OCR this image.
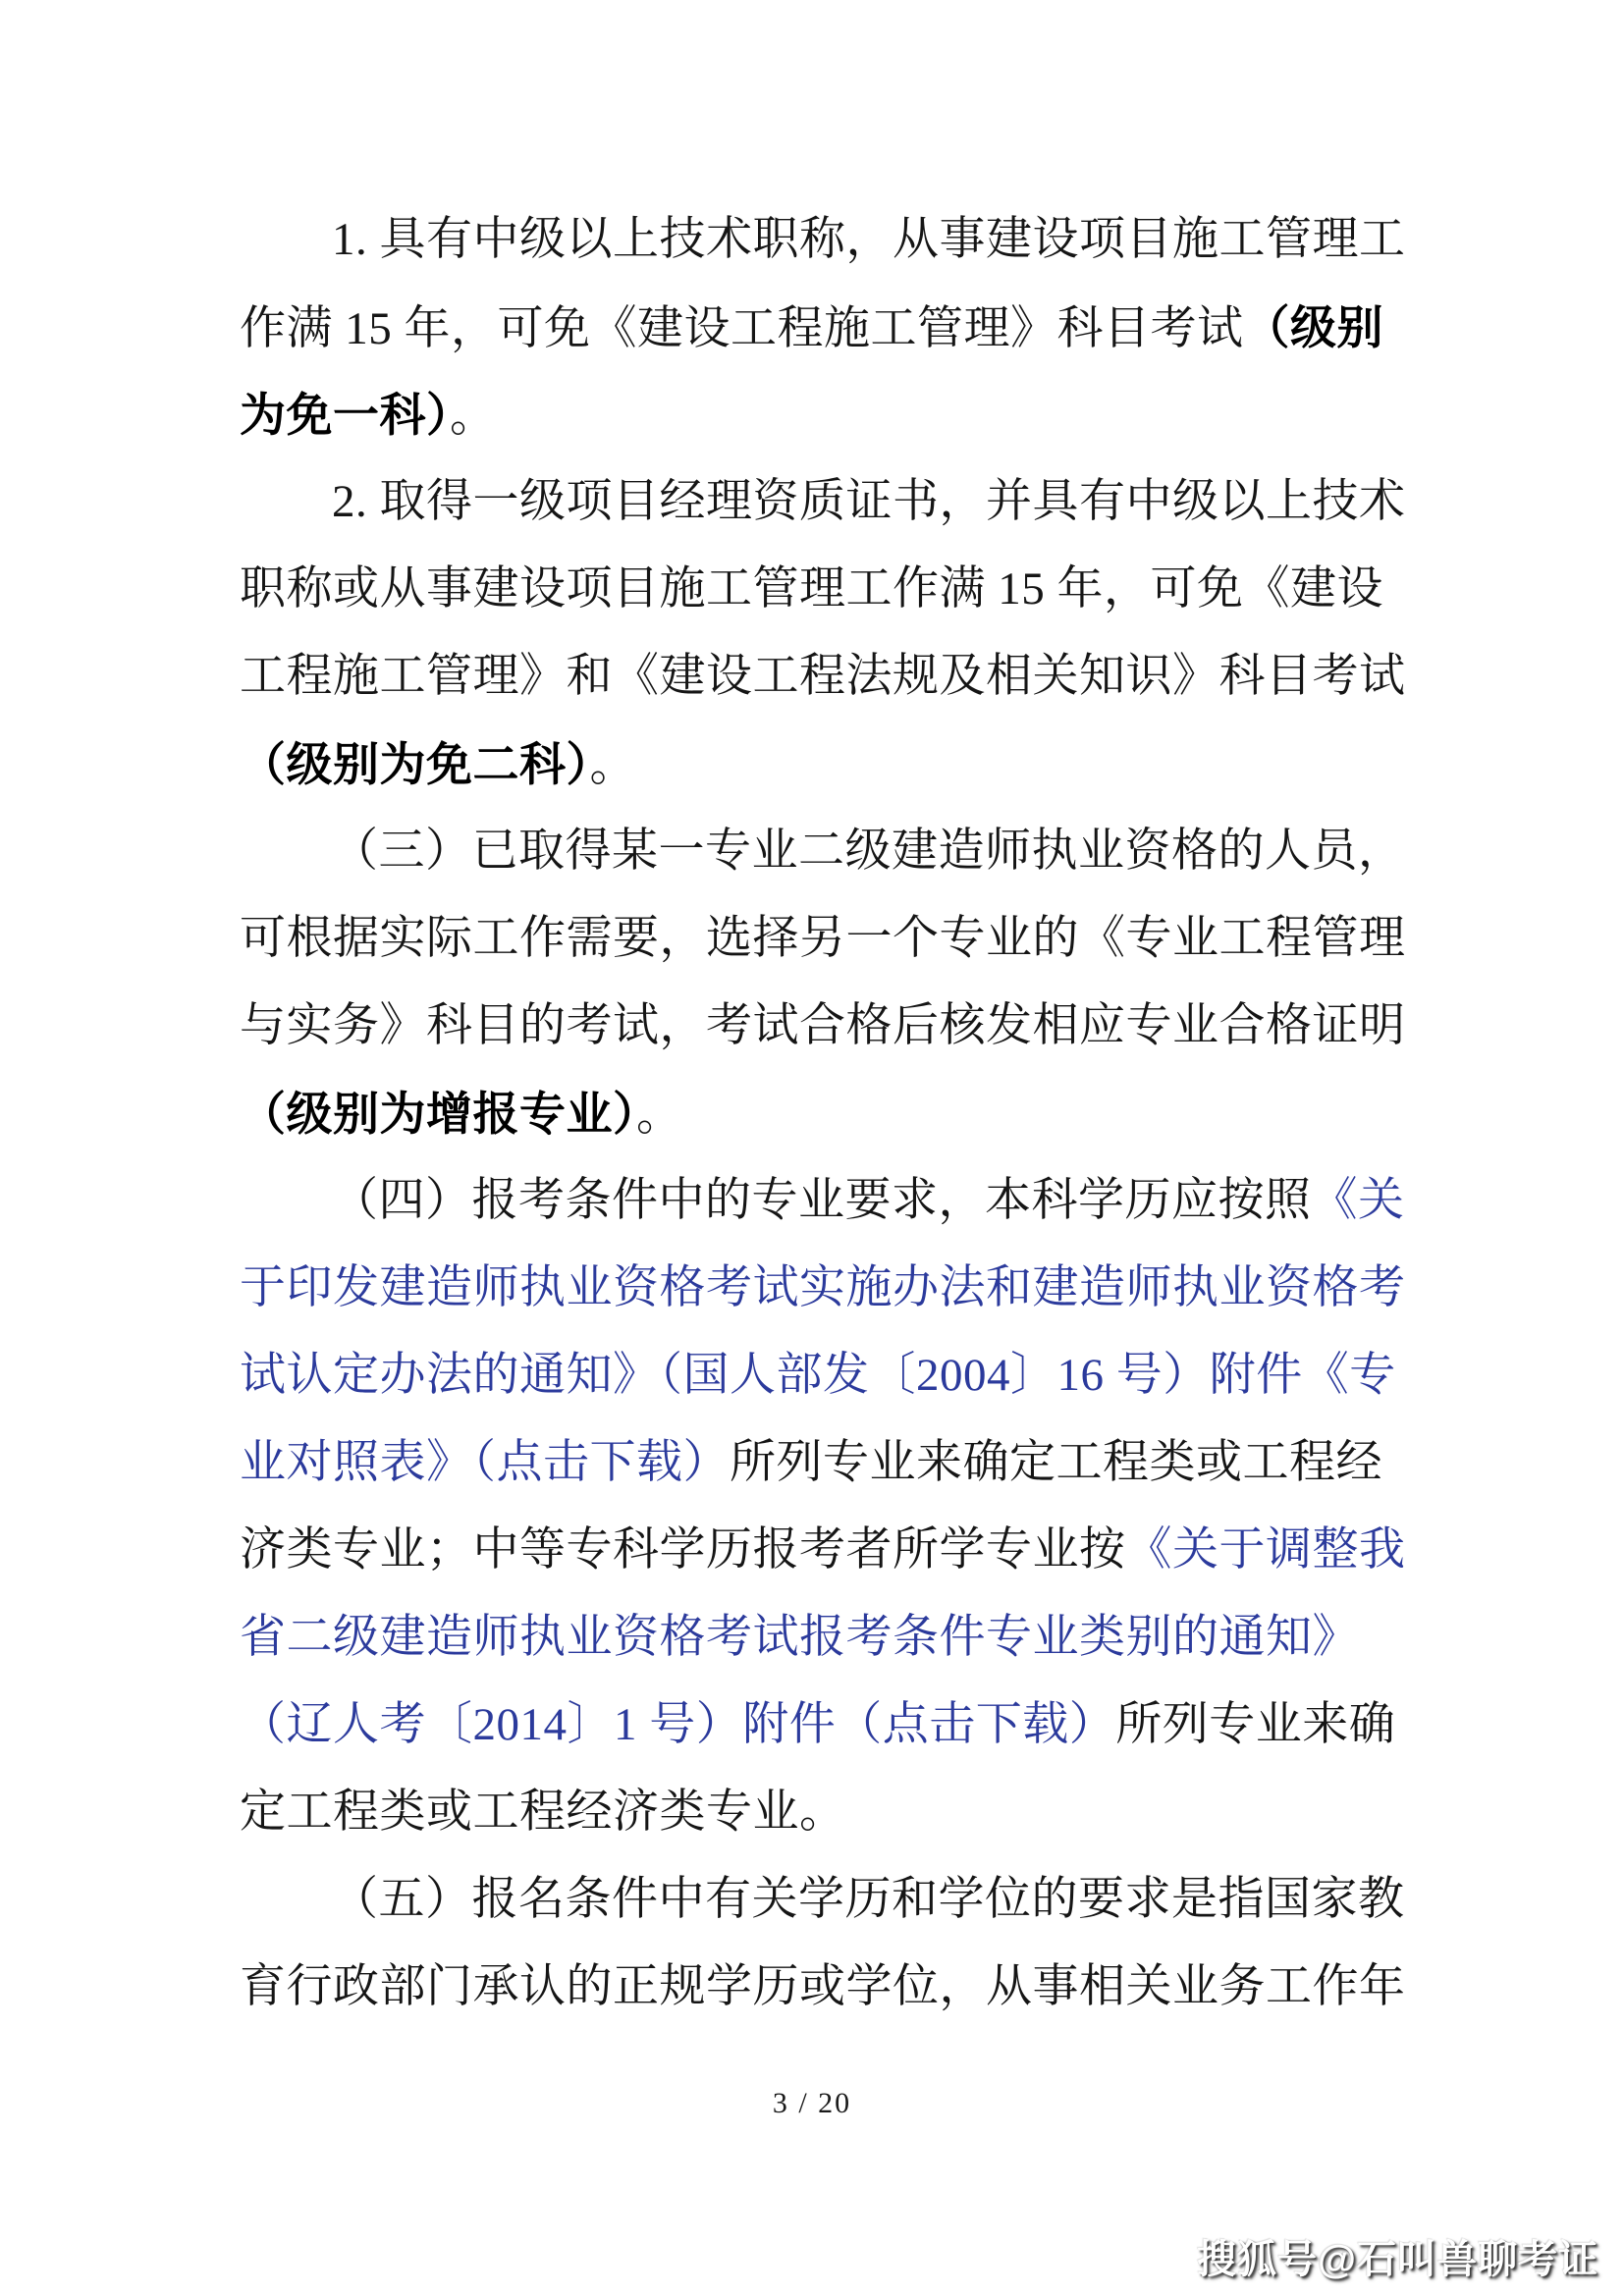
1. 具有中级以上技术职称，从事建设项目施工管理工
作满 15 年，可免《建设工程施工管理》科目考试（级别
为免一科）。
2. 取得一级项目经理资质证书，并具有中级以上技术
职称或从事建设项目施工管理工作满 15 年，可免《建设
工程施工管理》和《建设工程法规及相关知识》科目考试
（级别为免二科）。
（三）已取得某一专业二级建造师执业资格的人员，
可根据实际工作需要，选择另一个专业的《专业工程管理
与实务》科目的考试，考试合格后核发相应专业合格证明
（级别为增报专业）。
（四）报考条件中的专业要求，本科学历应按照《关
于印发建造师执业资格考试实施办法和建造师执业资格考
试认定办法的通知》（国人部发〔2004〕16 号）附件《专
业对照表》（点击下载）所列专业来确定工程类或工程经
济类专业；中等专科学历报考者所学专业按《关于调整我
省二级建造师执业资格考试报考条件专业类别的通知》
（辽人考〔2014〕1 号）附件（点击下载）所列专业来确
定工程类或工程经济类专业。
（五）报名条件中有关学历和学位的要求是指国家教
育行政部门承认的正规学历或学位，从事相关业务工作年
3 / 20
搜狐号@石叫兽聊考证
